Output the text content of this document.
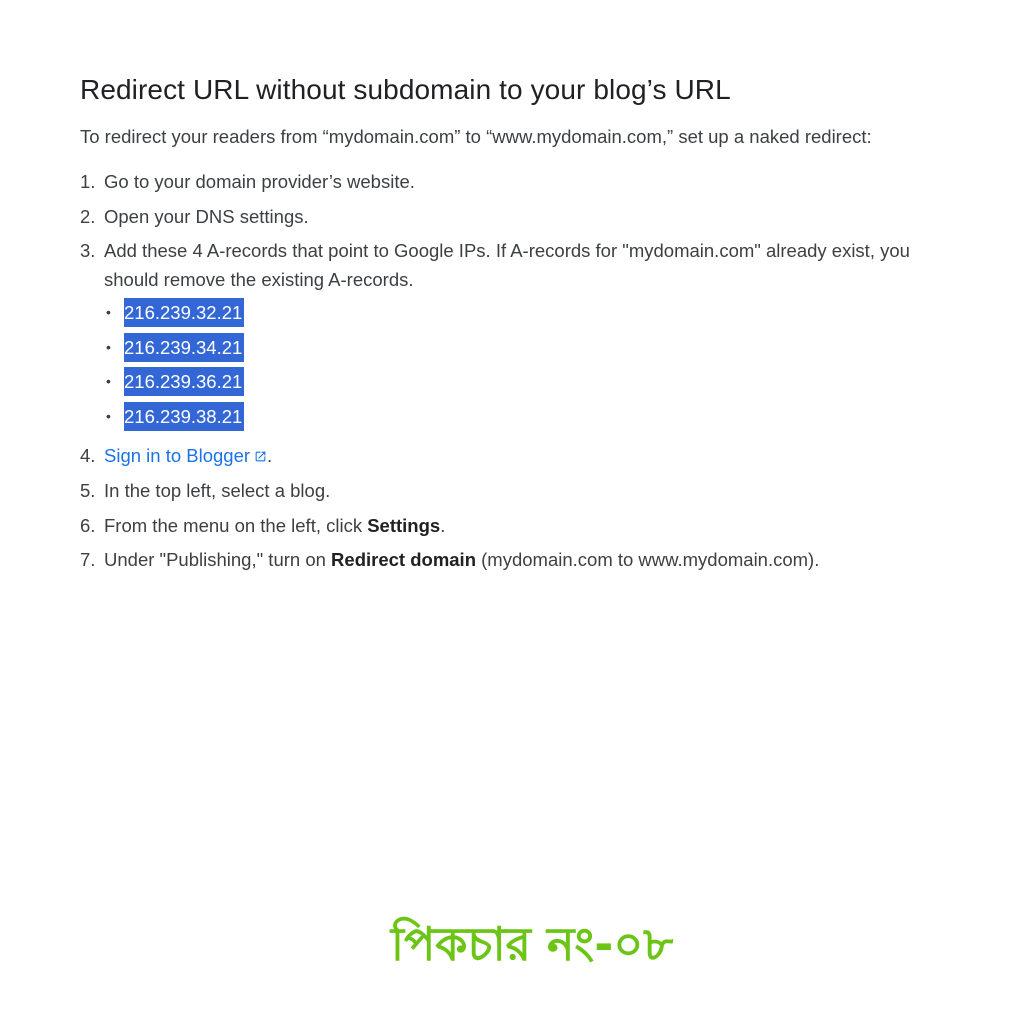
Redirect URL without subdomain to your blog’s URL

To redirect your readers from “mydomain.com” to “www.mydomain.com,” set up a naked redirect:

1. Go to your domain provider’s website.
2. Open your DNS settings.
3. Add these 4 A-records that point to Google IPs. If A-records for "mydomain.com" already exist, you should remove the existing A-records.
• 216.239.32.21
• 216.239.34.21
• 216.239.36.21
• 216.239.38.21
4. Sign in to Blogger .
5. In the top left, select a blog.
6. From the menu on the left, click Settings.
7. Under "Publishing," turn on Redirect domain (mydomain.com to www.mydomain.com).
পিকচার নং-০৮
